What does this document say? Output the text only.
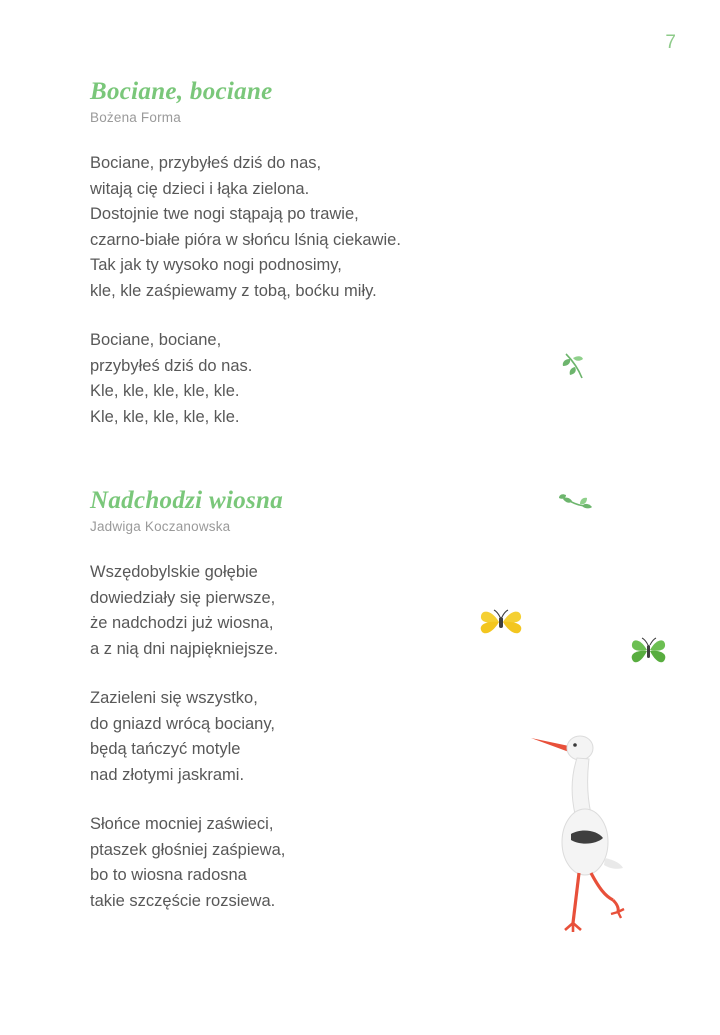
7
Bociane, bociane

Bożena Forma

Bociane, przybyłeś dziś do nas,
witają cię dzieci i łąka zielona.
Dostojnie twe nogi stąpają po trawie,
czarno-białe pióra w słońcu lśnią ciekawie.
Tak jak ty wysoko nogi podnosimy,
kle, kle zaśpiewamy z tobą, boćku miły.

Bociane, bociane,
przybyłeś dziś do nas.
Kle, kle, kle, kle, kle.
Kle, kle, kle, kle, kle.

Nadchodzi wiosna

Jadwiga Koczanowska

Wszędobylskie gołębie
dowiedziały się pierwsze,
że nadchodzi już wiosna,
a z nią dni najpiękniejsze.

Zazieleni się wszystko,
do gniazd wrócą bociany,
będą tańczyć motyle
nad złotymi jaskrami.

Słońce mocniej zaświeci,
ptaszek głośniej zaśpiewa,
bo to wiosna radosna
takie szczęście rozsiewa.
